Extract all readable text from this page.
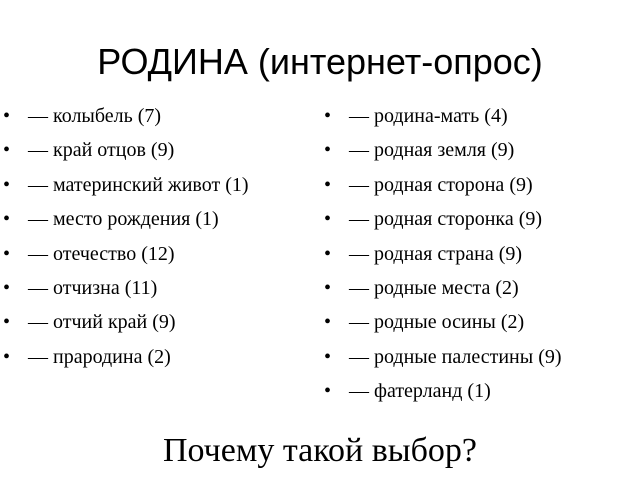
РОДИНА (интернет-опрос)
• — колыбель (7)
• — край отцов (9)
• — материнский живот (1)
• — место рождения (1)
• — отечество (12)
• — отчизна (11)
• — отчий край (9)
• — прародина (2)
• — родина-мать (4)
• — родная земля (9)
• — родная сторона (9)
• — родная сторонка (9)
• — родная страна (9)
• — родные места (2)
• — родные осины (2)
• — родные палестины (9)
• — фатерланд (1)

Почему такой выбор?
